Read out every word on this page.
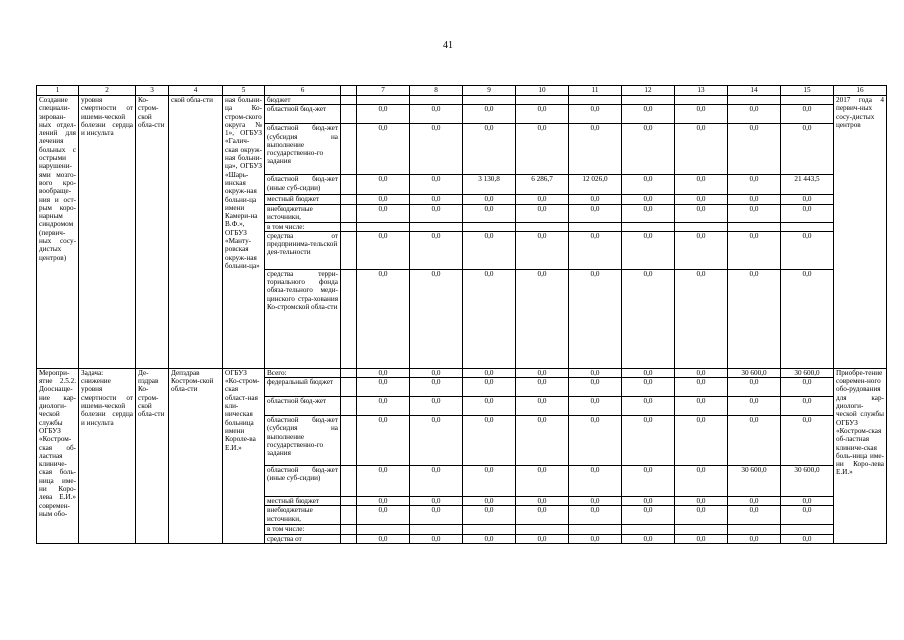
41
1	2	3	4	5	6		7	8	9	10	11	12	13	14	15	16
Создание специали-зирован-ных отдел-лений для лечения больных с острыми нарушени-ями мозго-вого кро-вообраще-ния и ост-рым коро-нарным синдромом (первич-ных сосу-дистых центров)	уровня смертности от ишеми-ческой болезни сердца и инсульта	Ко-стром-ской обла-сти	ской обла-сти	ная больни-ца Ко-стром-ского округа № 1», ОГБУЗ «Галич-ская окруж-ная больни-ца», ОГБУЗ «Шарь-инская окруж-ная больни-ца имени Камери-на В.Ф.», ОГБУЗ «Манту-ровская окруж-ная больни-ца»	бюджет											2017 года 4 первич-ных сосу-дистых центров
					областной бюд-жет		0,0	0,0	0,0	0,0	0,0	0,0	0,0	0,0	0,0	
					областной бюд-жет (субсидия на выполнение государственно-го задания		0,0	0,0	0,0	0,0	0,0	0,0	0,0	0,0	0,0	
					областной бюд-жет (иные суб-сидии)		0,0	0,0	3 130,8	6 286,7	12 026,0	0,0	0,0	0,0	21 443,5	
					местный бюджет		0,0	0,0	0,0	0,0	0,0	0,0	0,0	0,0	0,0	
					внебюджетные источники,		0,0	0,0	0,0	0,0	0,0	0,0	0,0	0,0	0,0	
					в том числе:											
					средства от предпринима-тельской дея-тельности		0,0	0,0	0,0	0,0	0,0	0,0	0,0	0,0	0,0	
					средства терри-ториального фонда обяза-тельного меди-цинского стра-хования Ко-стромской обла-сти		0,0	0,0	0,0	0,0	0,0	0,0	0,0	0,0	0,0	
Меропри-ятие 2.5.2. Дооснаще-ние кар-диологи-ческой службы ОГБУЗ «Костром-ская об-ластная клиниче-ская боль-ница име-ни Коро-лева Е.И.» современ-ным обо-	Задача: снижение уровня смертности от ишеми-ческой болезни сердца и инсульта	Де-пздрав Ко-стром-ской обла-сти	Депздрав Костром-ской обла-сти	ОГБУЗ «Ко-стром-ская област-ная кли-ническая больница имени Короле-ва Е.И.»	Всего:		0,0	0,0	0,0	0,0	0,0	0,0	0,0	30 600,0	30 600,0	Приобре-тение современ-ного обо-рудования для кар-диологи-ческой службы ОГБУЗ «Костром-ская об-ластная клиниче-ская боль-ница име-ни Коро-лева Е.И.»
					федеральный бюджет		0,0	0,0	0,0	0,0	0,0	0,0	0,0	0,0	0,0	
					областной бюд-жет		0,0	0,0	0,0	0,0	0,0	0,0	0,0	0,0	0,0	
					областной бюд-жет (субсидия на выполнение государственно-го задания		0,0	0,0	0,0	0,0	0,0	0,0	0,0	0,0	0,0	
					областной бюд-жет (иные суб-сидии)		0,0	0,0	0,0	0,0	0,0	0,0	0,0	30 600,0	30 600,0	
					местный бюджет		0,0	0,0	0,0	0,0	0,0	0,0	0,0	0,0	0,0	
					внебюджетные источники,		0,0	0,0	0,0	0,0	0,0	0,0	0,0	0,0	0,0	
					в том числе:											
					средства от		0,0	0,0	0,0	0,0	0,0	0,0	0,0	0,0	0,0	
